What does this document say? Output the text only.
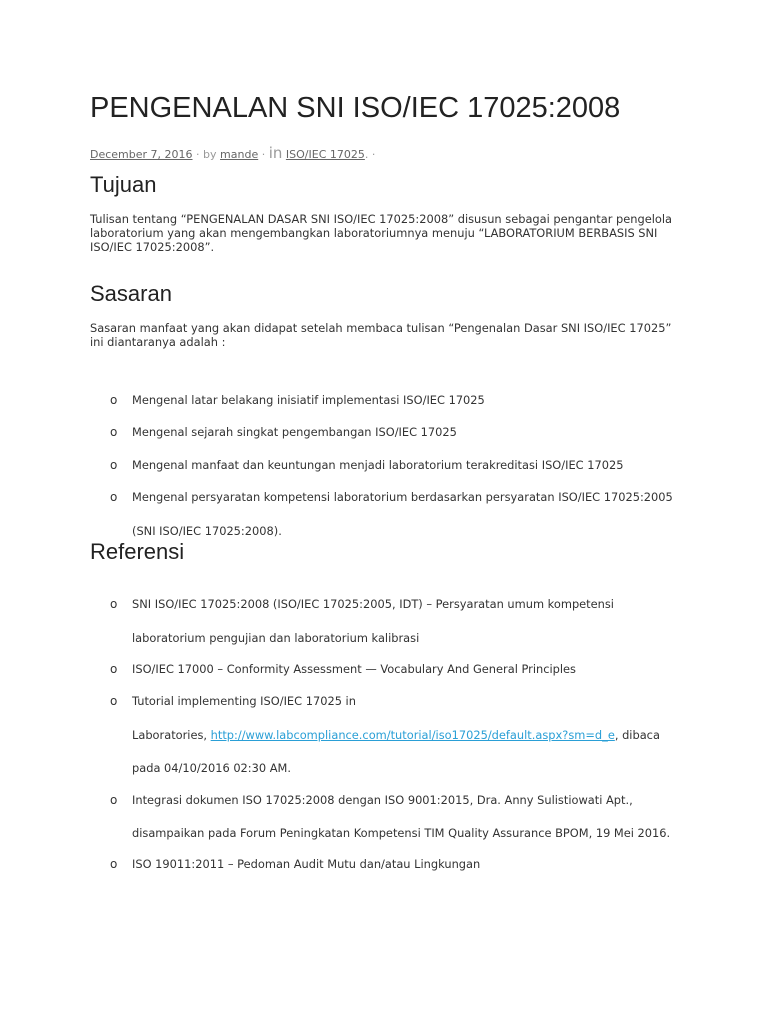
PENGENALAN SNI ISO/IEC 17025:2008
December 7, 2016 · by mande · in ISO/IEC 17025. ·
Tujuan
Tulisan tentang “PENGENALAN DASAR SNI ISO/IEC 17025:2008” disusun sebagai pengantar pengelola
laboratorium yang akan mengembangkan laboratoriumnya menuju “LABORATORIUM BERBASIS SNI
ISO/IEC 17025:2008”.
Sasaran
Sasaran manfaat yang akan didapat setelah membaca tulisan “Pengenalan Dasar SNI ISO/IEC 17025”
ini diantaranya adalah :
o Mengenal latar belakang inisiatif implementasi ISO/IEC 17025
o Mengenal sejarah singkat pengembangan ISO/IEC 17025
o Mengenal manfaat dan keuntungan menjadi laboratorium terakreditasi ISO/IEC 17025
o Mengenal persyaratan kompetensi laboratorium berdasarkan persyaratan ISO/IEC 17025:2005
(SNI ISO/IEC 17025:2008).
Referensi
o SNI ISO/IEC 17025:2008 (ISO/IEC 17025:2005, IDT) – Persyaratan umum kompetensi
laboratorium pengujian dan laboratorium kalibrasi
o ISO/IEC 17000 – Conformity Assessment — Vocabulary And General Principles
o Tutorial implementing ISO/IEC 17025 in
Laboratories, http://www.labcompliance.com/tutorial/iso17025/default.aspx?sm=d_e, dibaca
pada 04/10/2016 02:30 AM.
o Integrasi dokumen ISO 17025:2008 dengan ISO 9001:2015, Dra. Anny Sulistiowati Apt.,
disampaikan pada Forum Peningkatan Kompetensi TIM Quality Assurance BPOM, 19 Mei 2016.
o ISO 19011:2011 – Pedoman Audit Mutu dan/atau Lingkungan
